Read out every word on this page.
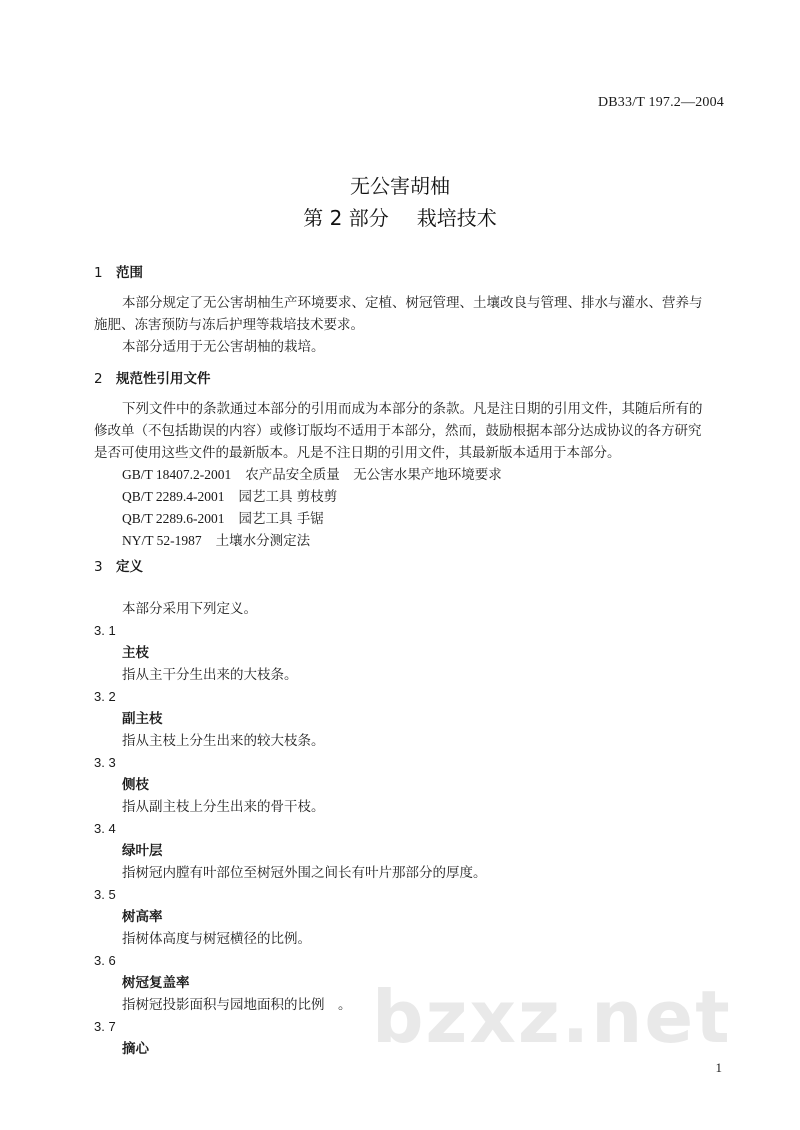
DB33/T 197.2—2004
无公害胡柚
第 2 部分 栽培技术
1 范围
本部分规定了无公害胡柚生产环境要求、定植、树冠管理、土壤改良与管理、排水与灌水、营养与
施肥、冻害预防与冻后护理等栽培技术要求。
本部分适用于无公害胡柚的栽培。
2 规范性引用文件
下列文件中的条款通过本部分的引用而成为本部分的条款。凡是注日期的引用文件，其随后所有的
修改单（不包括勘误的内容）或修订版均不适用于本部分，然而，鼓励根据本部分达成协议的各方研究
是否可使用这些文件的最新版本。凡是不注日期的引用文件，其最新版本适用于本部分。
GB/T 18407.2-2001 农产品安全质量　无公害水果产地环境要求
QB/T 2289.4-2001 园艺工具 剪枝剪
QB/T 2289.6-2001 园艺工具 手锯
NY/T 52-1987 土壤水分测定法
3 定义
本部分采用下列定义。
3. 1
主枝
指从主干分生出来的大枝条。
3. 2
副主枝
指从主枝上分生出来的较大枝条。
3. 3
侧枝
指从副主枝上分生出来的骨干枝。
3. 4
绿叶层
指树冠内膛有叶部位至树冠外围之间长有叶片那部分的厚度。
3. 5
树高率
指树体高度与树冠横径的比例。
3. 6
树冠复盖率
指树冠投影面积与园地面积的比例　。
3. 7
摘心	bzxz.net
1
